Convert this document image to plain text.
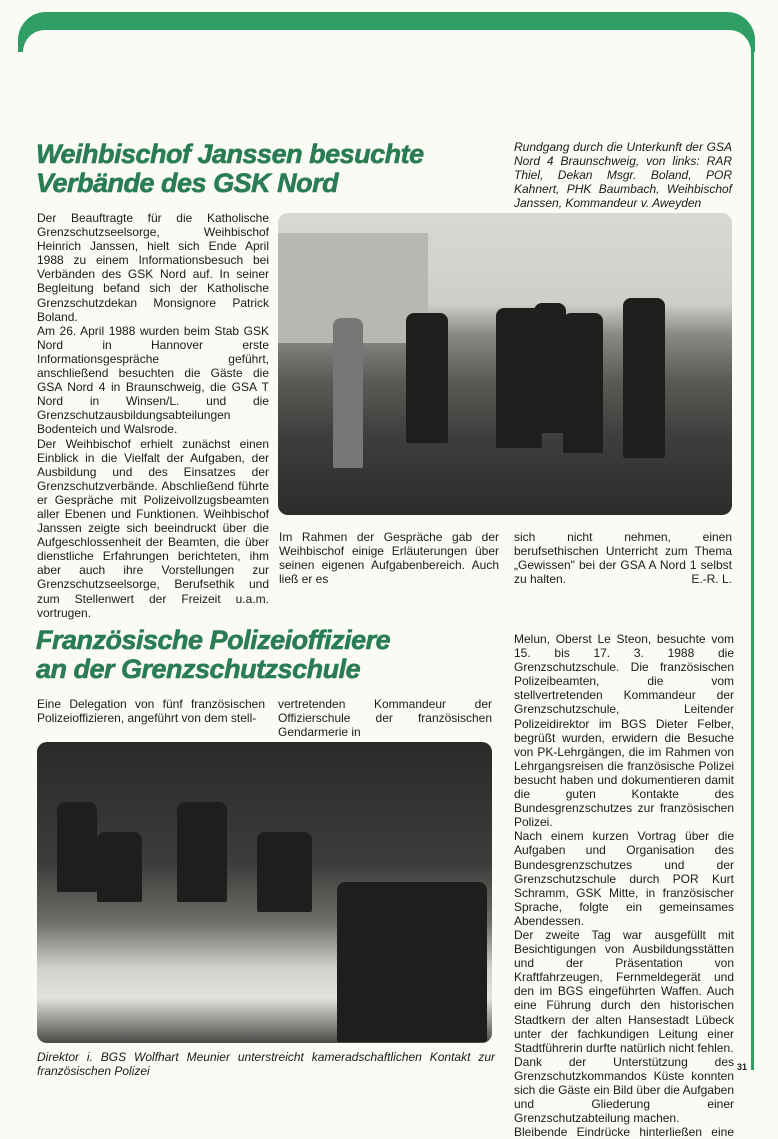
Weihbischof Janssen besuchte
Verbände des GSK Nord
Rundgang durch die Unterkunft der GSA Nord 4 Braunschweig, von links: RAR Thiel, Dekan Msgr. Boland, POR Kahnert, PHK Baumbach, Weihbischof Janssen, Kommandeur v. Aweyden

Der Beauftragte für die Katholische Grenzschutzseelsorge, Weihbischof Heinrich Janssen, hielt sich Ende April 1988 zu einem Informationsbesuch bei Verbänden des GSK Nord auf. In seiner Begleitung befand sich der Katholische Grenzschutzdekan Monsignore Patrick Boland.

Am 26. April 1988 wurden beim Stab GSK Nord in Hannover erste Informationsgespräche geführt, anschließend besuchten die Gäste die GSA Nord 4 in Braunschweig, die GSA T Nord in Winsen/L. und die Grenzschutzausbildungsabteilungen Bodenteich und Walsrode.

Der Weihbischof erhielt zunächst einen Einblick in die Vielfalt der Aufgaben, der Ausbildung und des Einsatzes der Grenzschutzverbände. Abschließend führte er Gespräche mit Polizeivollzugsbeamten aller Ebenen und Funktionen. Weihbischof Janssen zeigte sich beeindruckt über die Aufgeschlossenheit der Beamten, die über dienstliche Erfahrungen berichteten, ihm aber auch ihre Vorstellungen zur Grenzschutzseelsorge, Berufsethik und zum Stellenwert der Freizeit u.a.m. vortrugen.

Im Rahmen der Gespräche gab der Weihbischof einige Erläuterungen über seinen eigenen Aufgabenbereich. Auch ließ er es
sich nicht nehmen, einen berufsethischen Unterricht zum Thema „Gewissen" bei der GSA A Nord 1 selbst zu halten.	E.-R. L.
Französische Polizeioffiziere
an der Grenzschutzschule
Eine Delegation von fünf französischen Polizeioffizieren, angeführt von dem stell-
vertretenden Kommandeur der Offizierschule der französischen Gendarmerie in
Direktor i. BGS Wolfhart Meunier unterstreicht kameradschaftlichen Kontakt zur französischen Polizei

Melun, Oberst Le Steon, besuchte vom 15. bis 17. 3. 1988 die Grenzschutzschule. Die französischen Polizeibeamten, die vom stellvertretenden Kommandeur der Grenzschutzschule, Leitender Polizeidirektor im BGS Dieter Felber, begrüßt wurden, erwidern die Besuche von PK-Lehrgängen, die im Rahmen von Lehrgangsreisen die französische Polizei besucht haben und dokumentieren damit die guten Kontakte des Bundesgrenzschutzes zur französischen Polizei.

Nach einem kurzen Vortrag über die Aufgaben und Organisation des Bundesgrenzschutzes und der Grenzschutzschule durch POR Kurt Schramm, GSK Mitte, in französischer Sprache, folgte ein gemeinsames Abendessen.

Der zweite Tag war ausgefüllt mit Besichtigungen von Ausbildungsstätten und der Präsentation von Kraftfahrzeugen, Fernmeldegerät und den im BGS eingeführten Waffen. Auch eine Führung durch den historischen Stadtkern der alten Hansestadt Lübeck unter der fachkundigen Leitung einer Stadtführerin durfte natürlich nicht fehlen.

Dank der Unterstützung des Grenzschutzkommandos Küste konnten sich die Gäste ein Bild über die Aufgaben und Gliederung einer Grenzschutzabteilung machen.

Bleibende Eindrücke hinterließen eine

31
